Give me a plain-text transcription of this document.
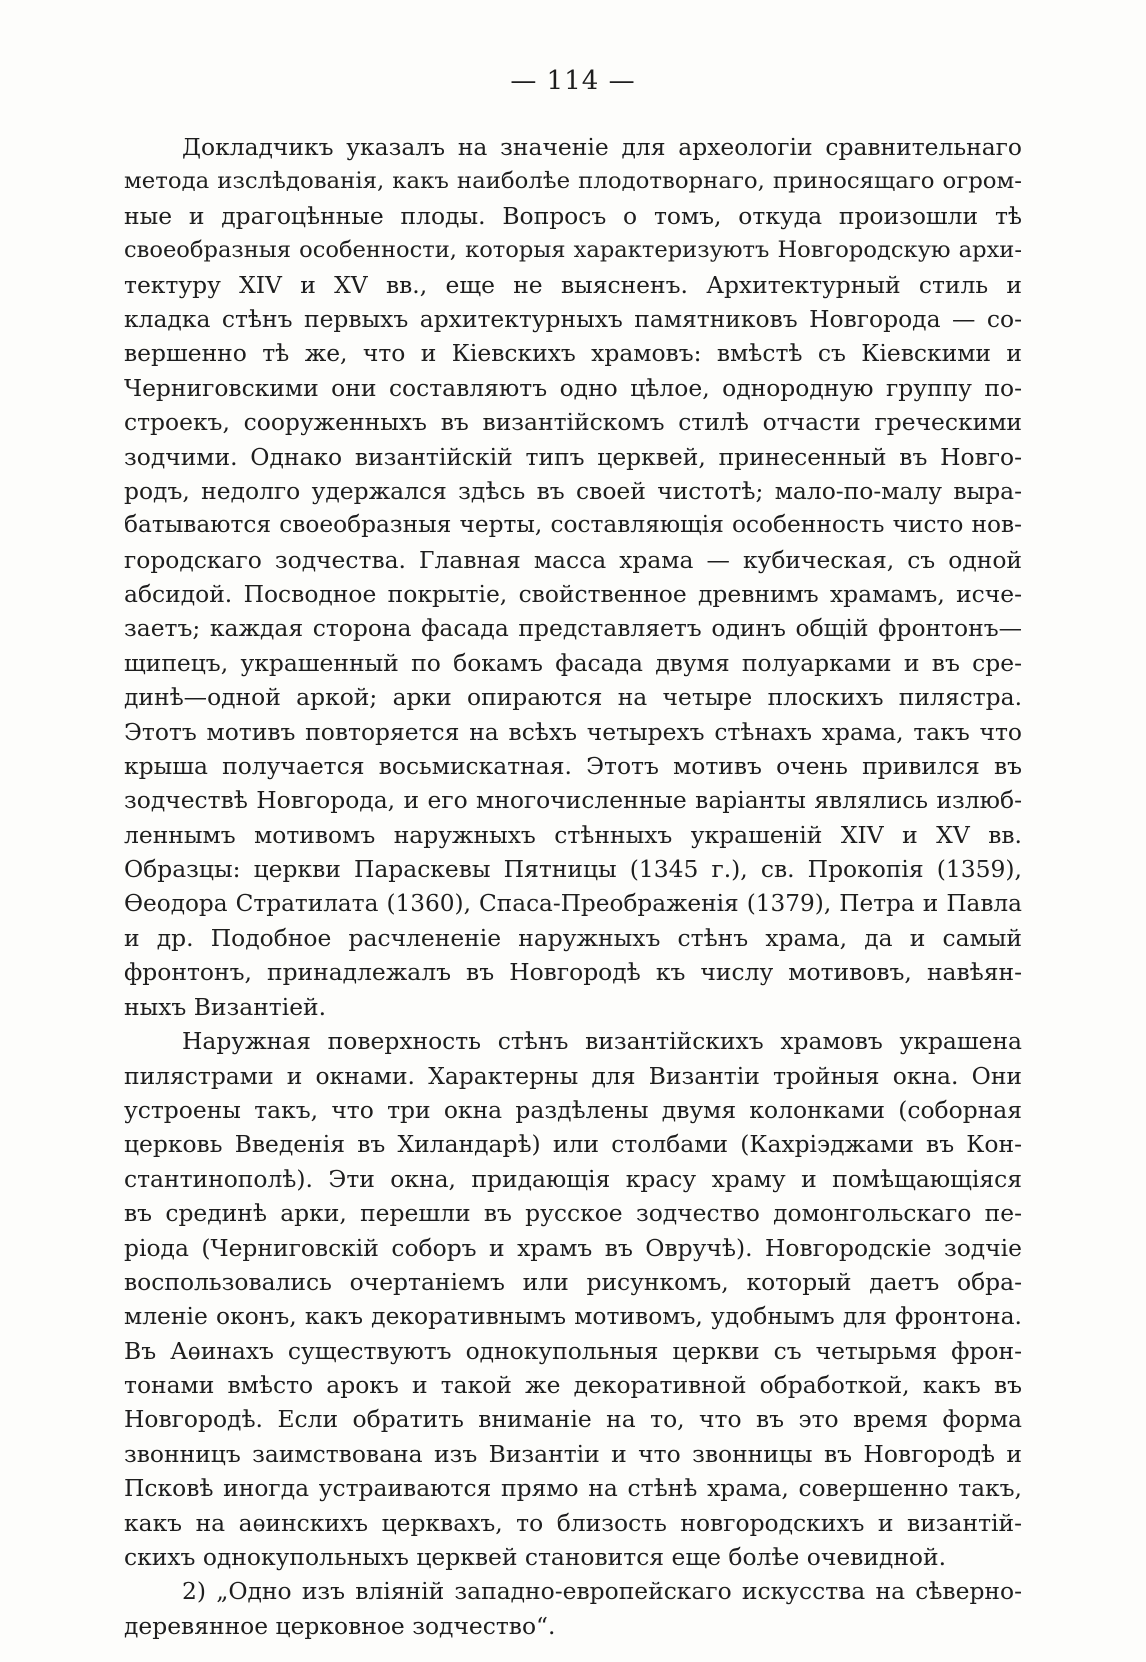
— 114 —
Докладчикъ указалъ на значеніе для археологіи сравнительнаго
метода изслѣдованія, какъ наиболѣе плодотворнаго, приносящаго огром-
ные и драгоцѣнные плоды. Вопросъ о томъ, откуда произошли тѣ
своеобразныя особенности, которыя характеризуютъ Новгородскую архи-
тектуру XIV и XV вв., еще не выясненъ. Архитектурный стиль и
кладка стѣнъ первыхъ архитектурныхъ памятниковъ Новгорода — со-
вершенно тѣ же, что и Кіевскихъ храмовъ: вмѣстѣ съ Кіевскими и
Черниговскими они составляютъ одно цѣлое, однородную группу по-
строекъ, сооруженныхъ въ византійскомъ стилѣ отчасти греческими
зодчими. Однако византійскій типъ церквей, принесенный въ Новго-
родъ, недолго удержался здѣсь въ своей чистотѣ; мало-по-малу выра-
батываются своеобразныя черты, составляющія особенность чисто нов-
городскаго зодчества. Главная масса храма — кубическая, съ одной
абсидой. Посводное покрытіе, свойственное древнимъ храмамъ, исче-
заетъ; каждая сторона фасада представляетъ одинъ общій фронтонъ—
щипецъ, украшенный по бокамъ фасада двумя полуарками и въ сре-
динѣ—одной аркой; арки опираются на четыре плоскихъ пилястра.
Этотъ мотивъ повторяется на всѣхъ четырехъ стѣнахъ храма, такъ что
крыша получается восьмискатная. Этотъ мотивъ очень привился въ
зодчествѣ Новгорода, и его многочисленные варіанты являлись излюб-
леннымъ мотивомъ наружныхъ стѣнныхъ украшеній XIV и XV вв.
Образцы: церкви Параскевы Пятницы (1345 г.), св. Прокопія (1359),
Ѳеодора Стратилата (1360), Спаса-Преображенія (1379), Петра и Павла
и др. Подобное расчлененіе наружныхъ стѣнъ храма, да и самый
фронтонъ, принадлежалъ въ Новгородѣ къ числу мотивовъ, навѣян-
ныхъ Византіей.
Наружная поверхность стѣнъ византійскихъ храмовъ украшена
пилястрами и окнами. Характерны для Византіи тройныя окна. Они
устроены такъ, что три окна раздѣлены двумя колонками (соборная
церковь Введенія въ Хиландарѣ) или столбами (Кахріэджами въ Кон-
стантинополѣ). Эти окна, придающія красу храму и помѣщающіяся
въ срединѣ арки, перешли въ русское зодчество домонгольскаго пе-
ріода (Черниговскій соборъ и храмъ въ Овручѣ). Новгородскіе зодчіе
воспользовались очертаніемъ или рисункомъ, который даетъ обра-
мленіе оконъ, какъ декоративнымъ мотивомъ, удобнымъ для фронтона.
Въ Аѳинахъ существуютъ однокупольныя церкви съ четырьмя фрон-
тонами вмѣсто арокъ и такой же декоративной обработкой, какъ въ
Новгородѣ. Если обратить вниманіе на то, что въ это время форма
звонницъ заимствована изъ Византіи и что звонницы въ Новгородѣ и
Псковѣ иногда устраиваются прямо на стѣнѣ храма, совершенно такъ,
какъ на аѳинскихъ церквахъ, то близость новгородскихъ и византій-
скихъ однокупольныхъ церквей становится еще болѣе очевидной.
2) „Одно изъ вліяній западно-европейскаго искусства на сѣверно-
деревянное церковное зодчество“.
